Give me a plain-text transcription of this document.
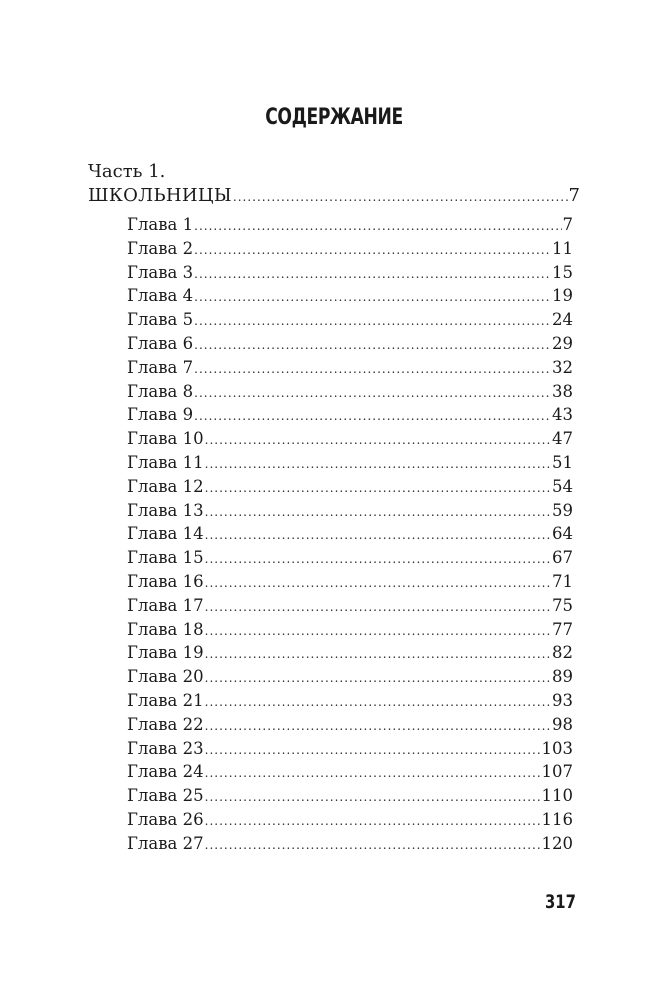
СОДЕРЖАНИЕ
Часть 1.
ШКОЛЬНИЦЫ .....	7
Глава 1 .....	7
Глава 2 .....	11
Глава 3 .....	15
Глава 4 .....	19
Глава 5 .....	24
Глава 6 .....	29
Глава 7 .....	32
Глава 8 .....	38
Глава 9 .....	43
Глава 10 .....	47
Глава 11 .....	51
Глава 12 .....	54
Глава 13 .....	59
Глава 14 .....	64
Глава 15 .....	67
Глава 16 .....	71
Глава 17 .....	75
Глава 18 .....	77
Глава 19 .....	82
Глава 20 .....	89
Глава 21 .....	93
Глава 22 .....	98
Глава 23 .....	103
Глава 24 .....	107
Глава 25 .....	110
Глава 26 .....	116
Глава 27 .....	120
317
